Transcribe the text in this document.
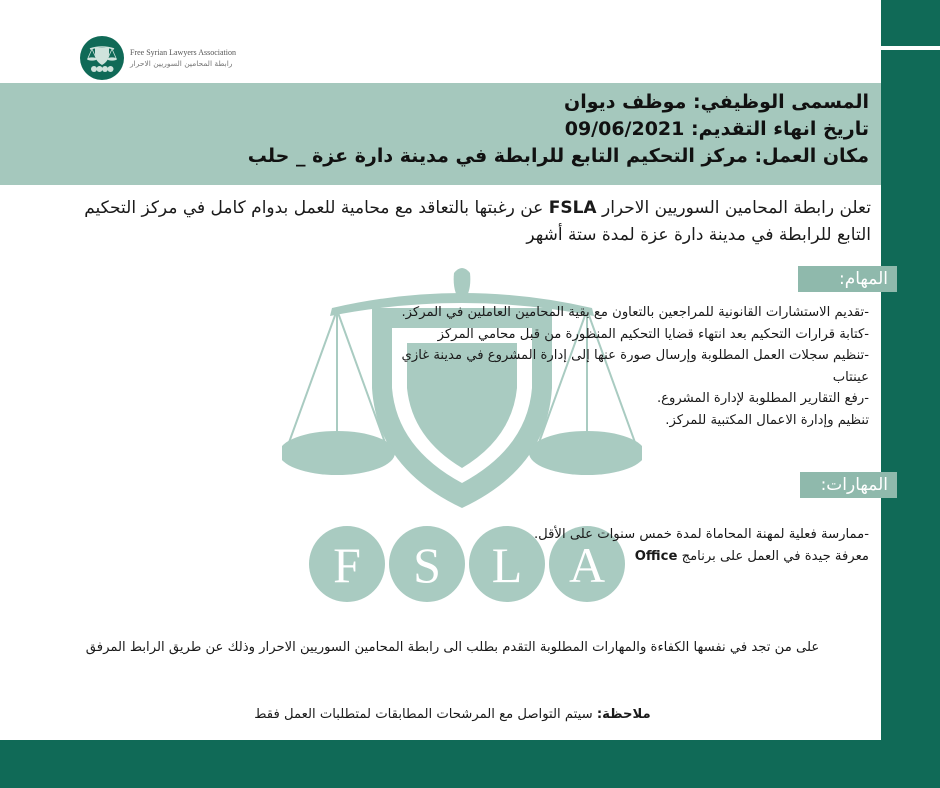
Free Syrian Lawyers Association
رابطة المحامين السوريين الاحرار
المسمى الوظيفي: موظف ديوان
تاريخ انهاء التقديم: 09/06/2021
مكان العمل: مركز التحكيم التابع للرابطة في مدينة دارة عزة _ حلب
F S L A
تعلن رابطة المحامين السوريين الاحرار FSLA عن رغبتها بالتعاقد مع محامية للعمل بدوام كامل في مركز التحكيم التابع للرابطة في مدينة دارة عزة لمدة ستة أشهر
المهام:
-تقديم الاستشارات القانونية للمراجعين بالتعاون مع بقية المحامين العاملين في المركز.
-كتابة قرارات التحكيم بعد انتهاء قضايا التحكيم المنظورة من قبل محامي المركز
-تنظيم سجلات العمل المطلوبة وإرسال صورة عنها إلى إدارة المشروع في مدينة غازي عينتاب
-رفع التقارير المطلوبة لإدارة المشروع.
تنظيم وإدارة الاعمال المكتبية للمركز.
المهارات:
-ممارسة فعلية لمهنة المحاماة لمدة خمس سنوات على الأقل.
معرفة جيدة في العمل على برنامج Office
على من تجد في نفسها الكفاءة والمهارات المطلوبة التقدم بطلب الى رابطة المحامين السوريين الاحرار وذلك عن طريق الرابط المرفق
ملاحظة: سيتم التواصل مع المرشحات المطابقات لمتطلبات العمل فقط
